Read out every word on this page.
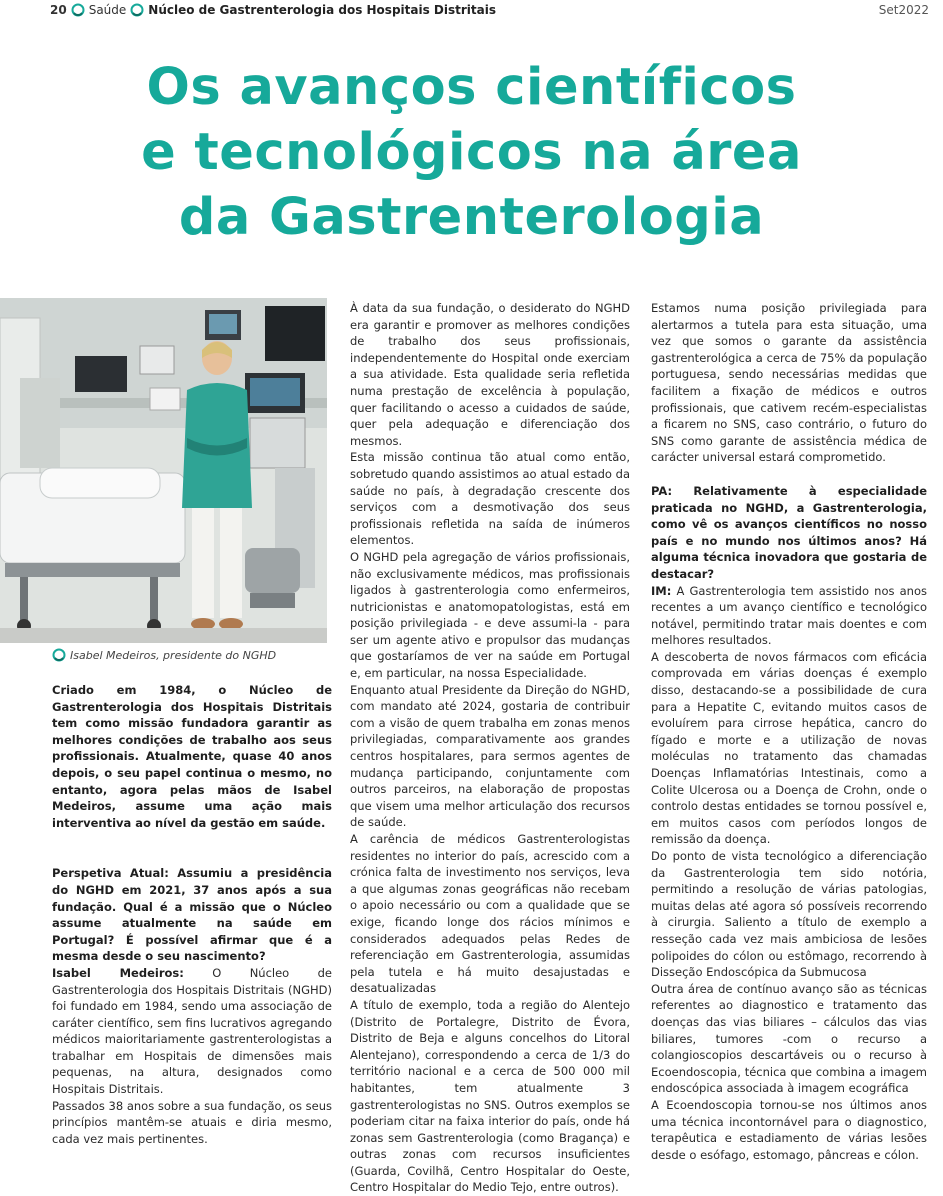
20 Saúde Núcleo de Gastrenterologia dos Hospitais Distritais	Set2022
Os avanços científicos
e tecnológicos na área
da Gastrenterologia
Isabel Medeiros, presidente do NGHD

Criado em 1984, o Núcleo de Gastrenterologia dos Hospitais Distritais tem como missão fundadora garantir as melhores condições de trabalho aos seus profissionais. Atualmente, quase 40 anos depois, o seu papel continua o mesmo, no entanto, agora pelas mãos de Isabel Medeiros, assume uma ação mais interventiva ao nível da gestão em saúde.

Perspetiva Atual: Assumiu a presidência do NGHD em 2021, 37 anos após a sua fundação. Qual é a missão que o Núcleo assume atualmente na saúde em Portugal? É possível afirmar que é a mesma desde o seu nascimento?

Isabel Medeiros: O Núcleo de Gastrenterologia dos Hospitais Distritais (NGHD) foi fundado em 1984, sendo uma associação de caráter científico, sem fins lucrativos agregando médicos maioritariamente gastrenterologistas a trabalhar em Hospitais de dimensões mais pequenas, na altura, designados como Hospitais Distritais.

Passados 38 anos sobre a sua fundação, os seus princípios mantêm-se atuais e diria mesmo, cada vez mais pertinentes.

À data da sua fundação, o desiderato do NGHD era garantir e promover as melhores condições de trabalho dos seus profissionais, independentemente do Hospital onde exerciam a sua atividade. Esta qualidade seria refletida numa prestação de excelência à população, quer facilitando o acesso a cuidados de saúde, quer pela adequação e diferenciação dos mesmos.

Esta missão continua tão atual como então, sobretudo quando assistimos ao atual estado da saúde no país, à degradação crescente dos serviços com a desmotivação dos seus profissionais refletida na saída de inúmeros elementos.

O NGHD pela agregação de vários profissionais, não exclusivamente médicos, mas profissionais ligados à gastrenterologia como enfermeiros, nutricionistas e anatomopatologistas, está em posição privilegiada - e deve assumi-la - para ser um agente ativo e propulsor das mudanças que gostaríamos de ver na saúde em Portugal e, em particular, na nossa Especialidade.

Enquanto atual Presidente da Direção do NGHD, com mandato até 2024, gostaria de contribuir com a visão de quem trabalha em zonas menos privilegiadas, comparativamente aos grandes centros hospitalares, para sermos agentes de mudança participando, conjuntamente com outros parceiros, na elaboração de propostas que visem uma melhor articulação dos recursos de saúde.

A carência de médicos Gastrenterologistas residentes no interior do país, acrescido com a crónica falta de investimento nos serviços, leva a que algumas zonas geográficas não recebam o apoio necessário ou com a qualidade que se exige, ficando longe dos rácios mínimos e considerados adequados pelas Redes de referenciação em Gastrenterologia, assumidas pela tutela e há muito desajustadas e desatualizadas

A título de exemplo, toda a região do Alentejo (Distrito de Portalegre, Distrito de Évora, Distrito de Beja e alguns concelhos do Litoral Alentejano), correspondendo a cerca de 1/3 do território nacional e a cerca de 500 000 mil habitantes, tem atualmente 3 gastrenterologistas no SNS. Outros exemplos se poderiam citar na faixa interior do país, onde há zonas sem Gastrenterologia (como Bragança) e outras zonas com recursos insuficientes (Guarda, Covilhã, Centro Hospitalar do Oeste, Centro Hospitalar do Medio Tejo, entre outros).

Estamos numa posição privilegiada para alertarmos a tutela para esta situação, uma vez que somos o garante da assistência gastrenterológica a cerca de 75% da população portuguesa, sendo necessárias medidas que facilitem a fixação de médicos e outros profissionais, que cativem recém-especialistas a ficarem no SNS, caso contrário, o futuro do SNS como garante de assistência médica de carácter universal estará comprometido.

PA: Relativamente à especialidade praticada no NGHD, a Gastrenterologia, como vê os avanços científicos no nosso país e no mundo nos últimos anos? Há alguma técnica inovadora que gostaria de destacar?

IM: A Gastrenterologia tem assistido nos anos recentes a um avanço científico e tecnológico notável, permitindo tratar mais doentes e com melhores resultados.

A descoberta de novos fármacos com eficácia comprovada em várias doenças é exemplo disso, destacando-se a possibilidade de cura para a Hepatite C, evitando muitos casos de evoluírem para cirrose hepática, cancro do fígado e morte e a utilização de novas moléculas no tratamento das chamadas Doenças Inflamatórias Intestinais, como a Colite Ulcerosa ou a Doença de Crohn, onde o controlo destas entidades se tornou possível e, em muitos casos com períodos longos de remissão da doença.

Do ponto de vista tecnológico a diferenciação da Gastrenterologia tem sido notória, permitindo a resolução de várias patologias, muitas delas até agora só possíveis recorrendo à cirurgia. Saliento a título de exemplo a resseção cada vez mais ambiciosa de lesões polipoides do cólon ou estômago, recorrendo à Disseção Endoscópica da Submucosa

Outra área de contínuo avanço são as técnicas referentes ao diagnostico e tratamento das doenças das vias biliares – cálculos das vias biliares, tumores -com o recurso a colangioscopios descartáveis ou o recurso à Ecoendoscopia, técnica que combina a imagem endoscópica associada à imagem ecográfica

A Ecoendoscopia tornou-se nos últimos anos uma técnica incontornável para o diagnostico, terapêutica e estadiamento de várias lesões desde o esófago, estomago, pâncreas e cólon.
